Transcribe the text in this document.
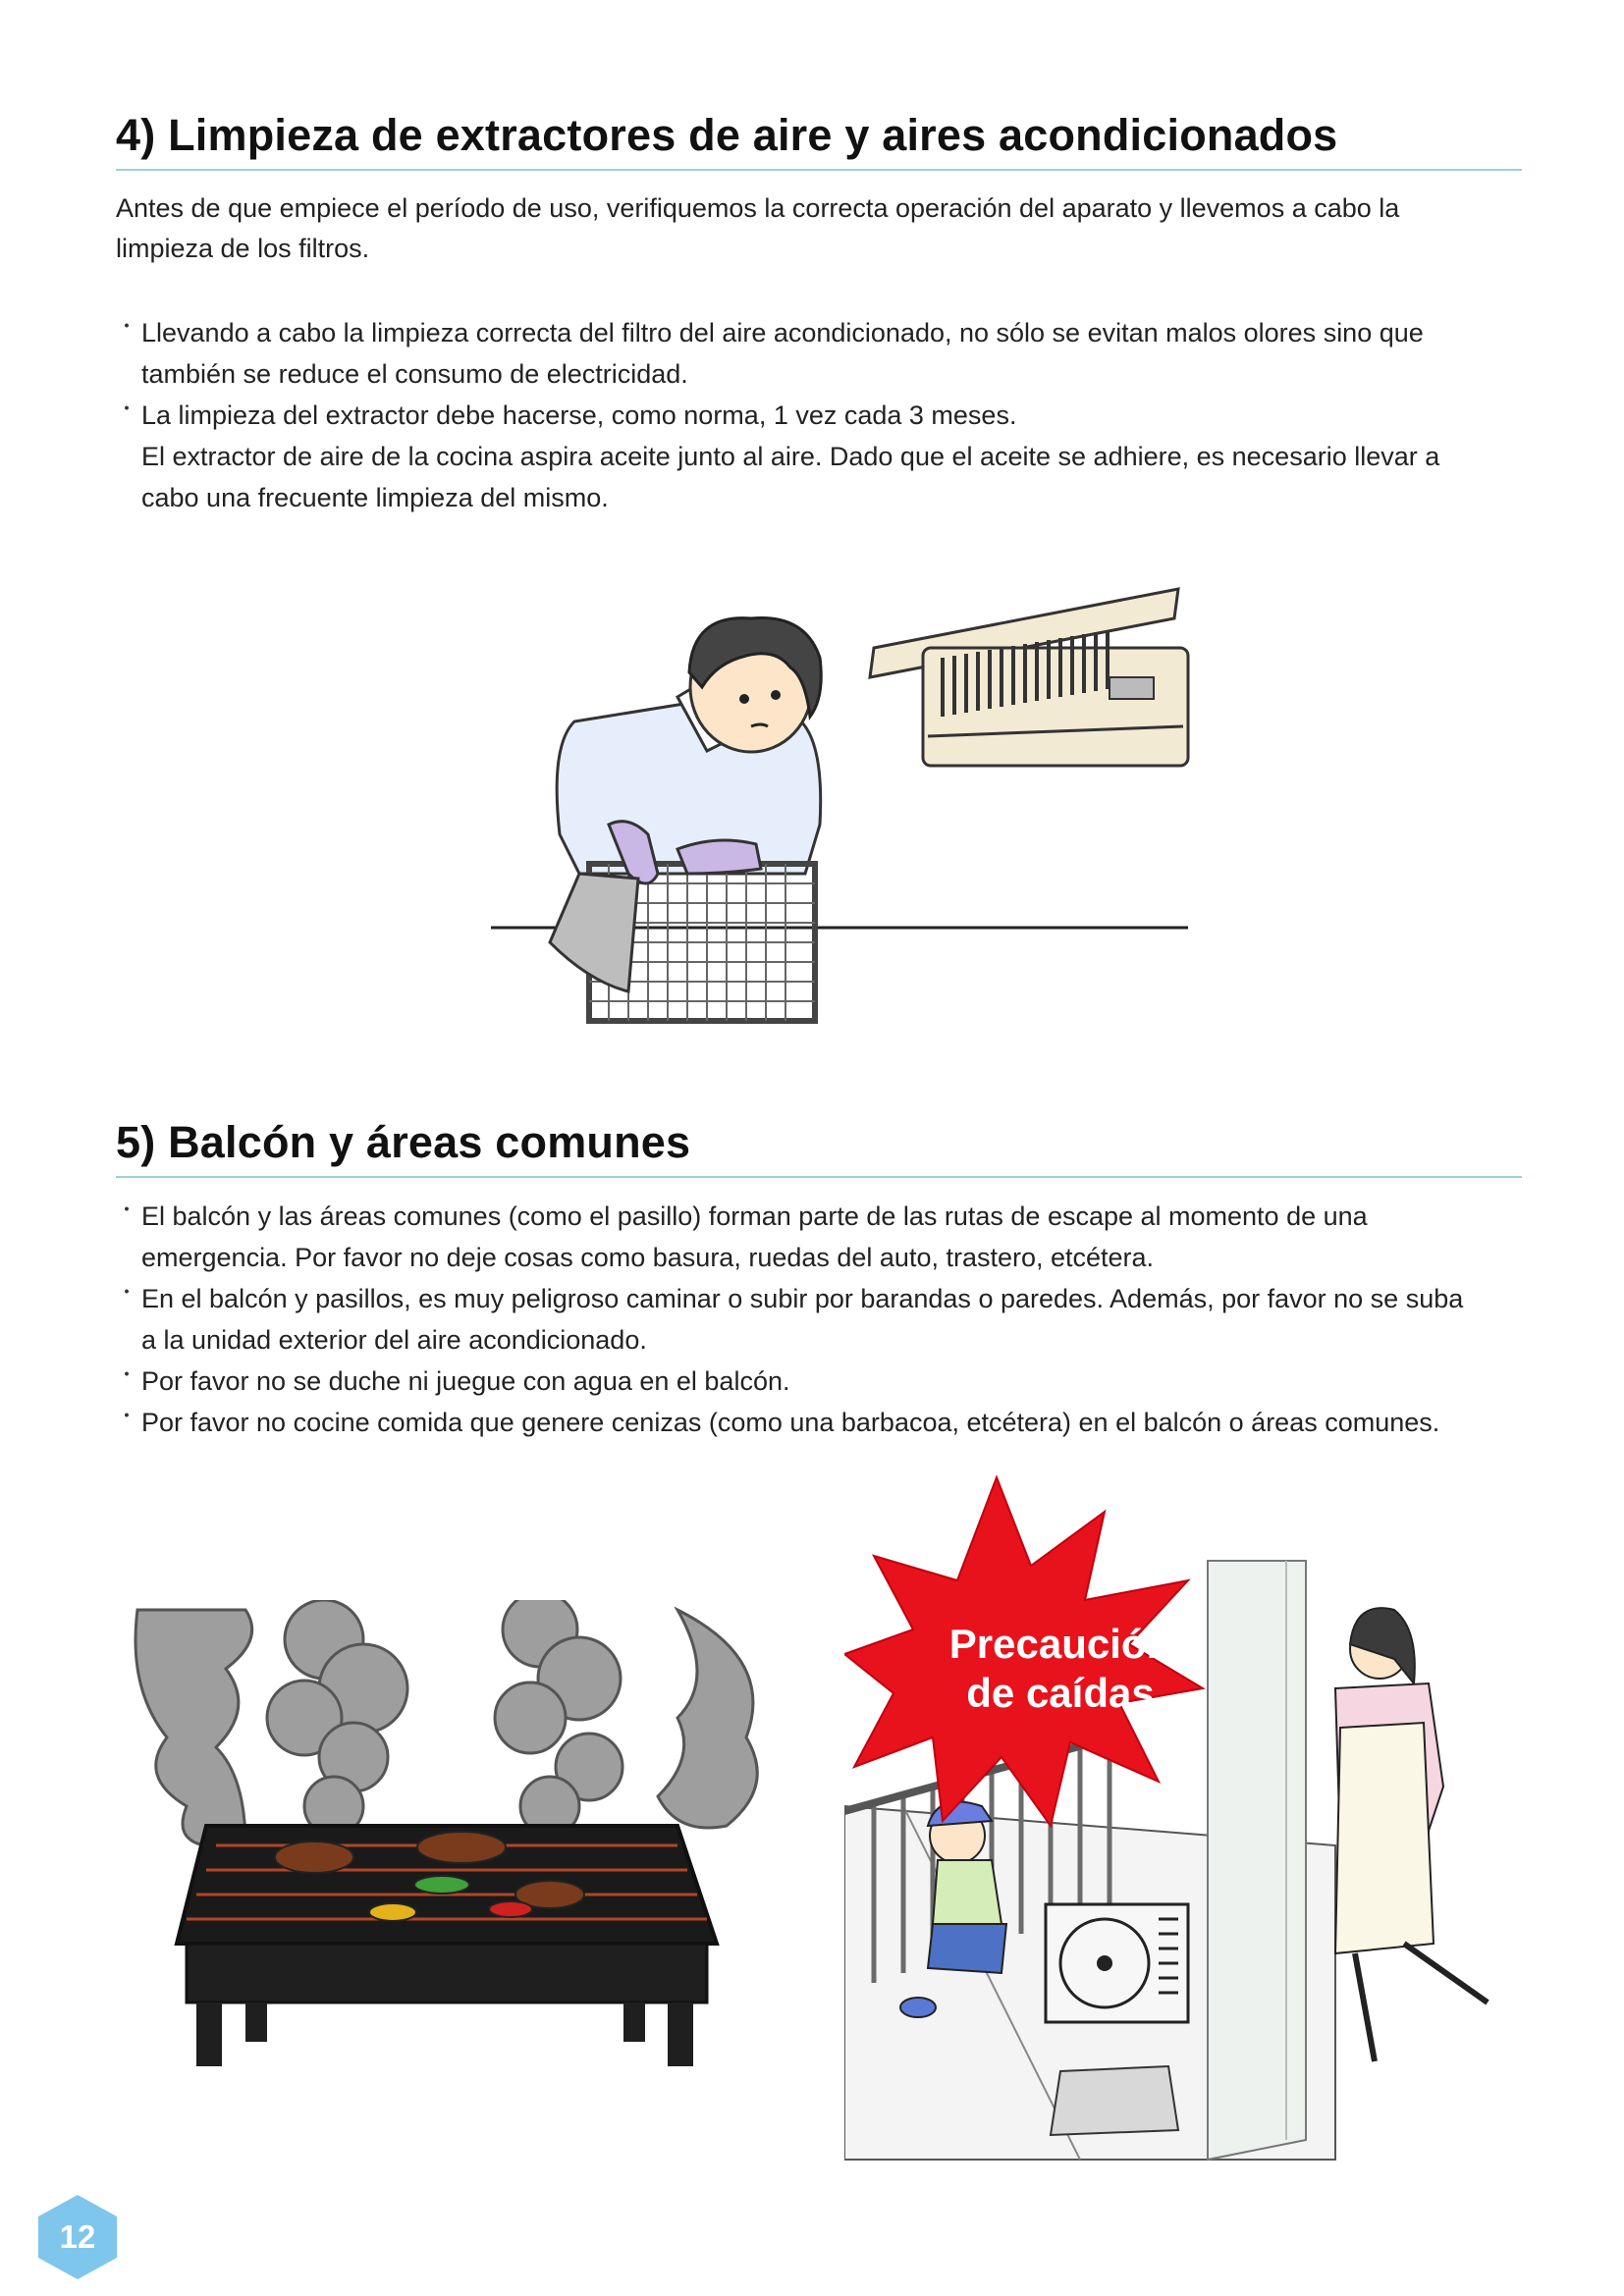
4) Limpieza de extractores de aire y aires acondicionados

Antes de que empiece el período de uso, verifiquemos la correcta operación del aparato y llevemos a cabo la
limpieza de los filtros.

・ Llevando a cabo la limpieza correcta del filtro del aire acondicionado, no sólo se evitan malos olores sino que
también se reduce el consumo de electricidad.
・ La limpieza del extractor debe hacerse, como norma, 1 vez cada 3 meses.
El extractor de aire de la cocina aspira aceite junto al aire. Dado que el aceite se adhiere, es necesario llevar a
cabo una frecuente limpieza del mismo.
5) Balcón y áreas comunes
・ El balcón y las áreas comunes (como el pasillo) forman parte de las rutas de escape al momento de una
emergencia. Por favor no deje cosas como basura, ruedas del auto, trastero, etcétera.
・ En el balcón y pasillos, es muy peligroso caminar o subir por barandas o paredes. Además, por favor no se suba
a la unidad exterior del aire acondicionado.
・ Por favor no se duche ni juegue con agua en el balcón.
・ Por favor no cocine comida que genere cenizas (como una barbacoa, etcétera) en el balcón o áreas comunes.
Precaución
de caídas
12
